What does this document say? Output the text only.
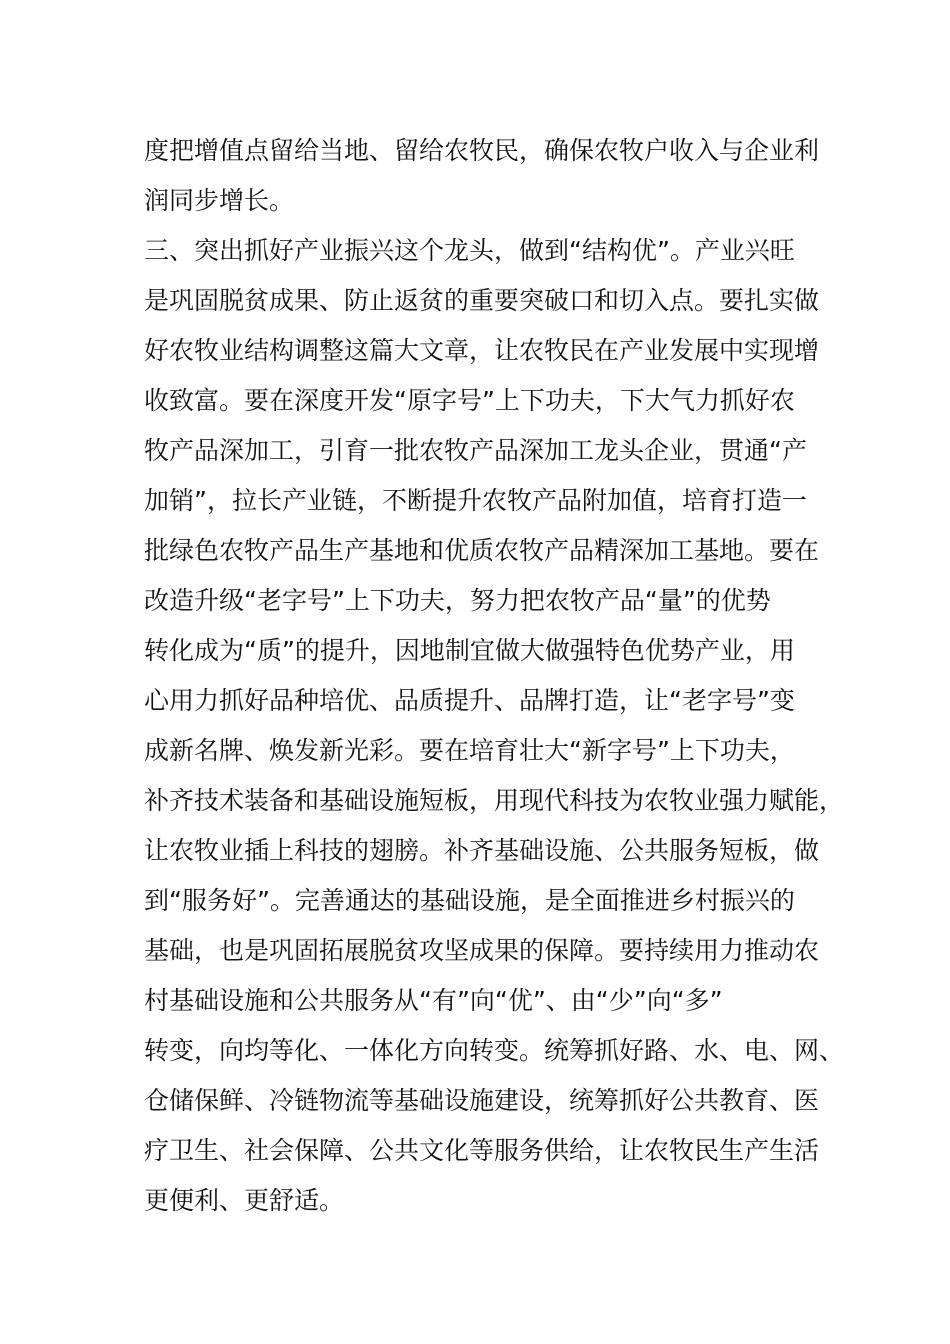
度把增值点留给当地、留给农牧民，确保农牧户收入与企业利
润同步增长。
三、突出抓好产业振兴这个龙头，做到“结构优”。产业兴旺
是巩固脱贫成果、防止返贫的重要突破口和切入点。要扎实做
好农牧业结构调整这篇大文章，让农牧民在产业发展中实现增
收致富。要在深度开发“原字号”上下功夫，下大气力抓好农
牧产品深加工，引育一批农牧产品深加工龙头企业，贯通“产
加销”，拉长产业链，不断提升农牧产品附加值，培育打造一
批绿色农牧产品生产基地和优质农牧产品精深加工基地。要在
改造升级“老字号”上下功夫，努力把农牧产品“量”的优势
转化成为“质”的提升，因地制宜做大做强特色优势产业，用
心用力抓好品种培优、品质提升、品牌打造，让“老字号”变
成新名牌、焕发新光彩。要在培育壮大“新字号”上下功夫，
补齐技术装备和基础设施短板，用现代科技为农牧业强力赋能，
让农牧业插上科技的翅膀。补齐基础设施、公共服务短板，做
到“服务好”。完善通达的基础设施，是全面推进乡村振兴的
基础，也是巩固拓展脱贫攻坚成果的保障。要持续用力推动农
村基础设施和公共服务从“有”向“优”、由“少”向“多”
转变，向均等化、一体化方向转变。统筹抓好路、水、电、网、
仓储保鲜、冷链物流等基础设施建设，统筹抓好公共教育、医
疗卫生、社会保障、公共文化等服务供给，让农牧民生产生活
更便利、更舒适。
